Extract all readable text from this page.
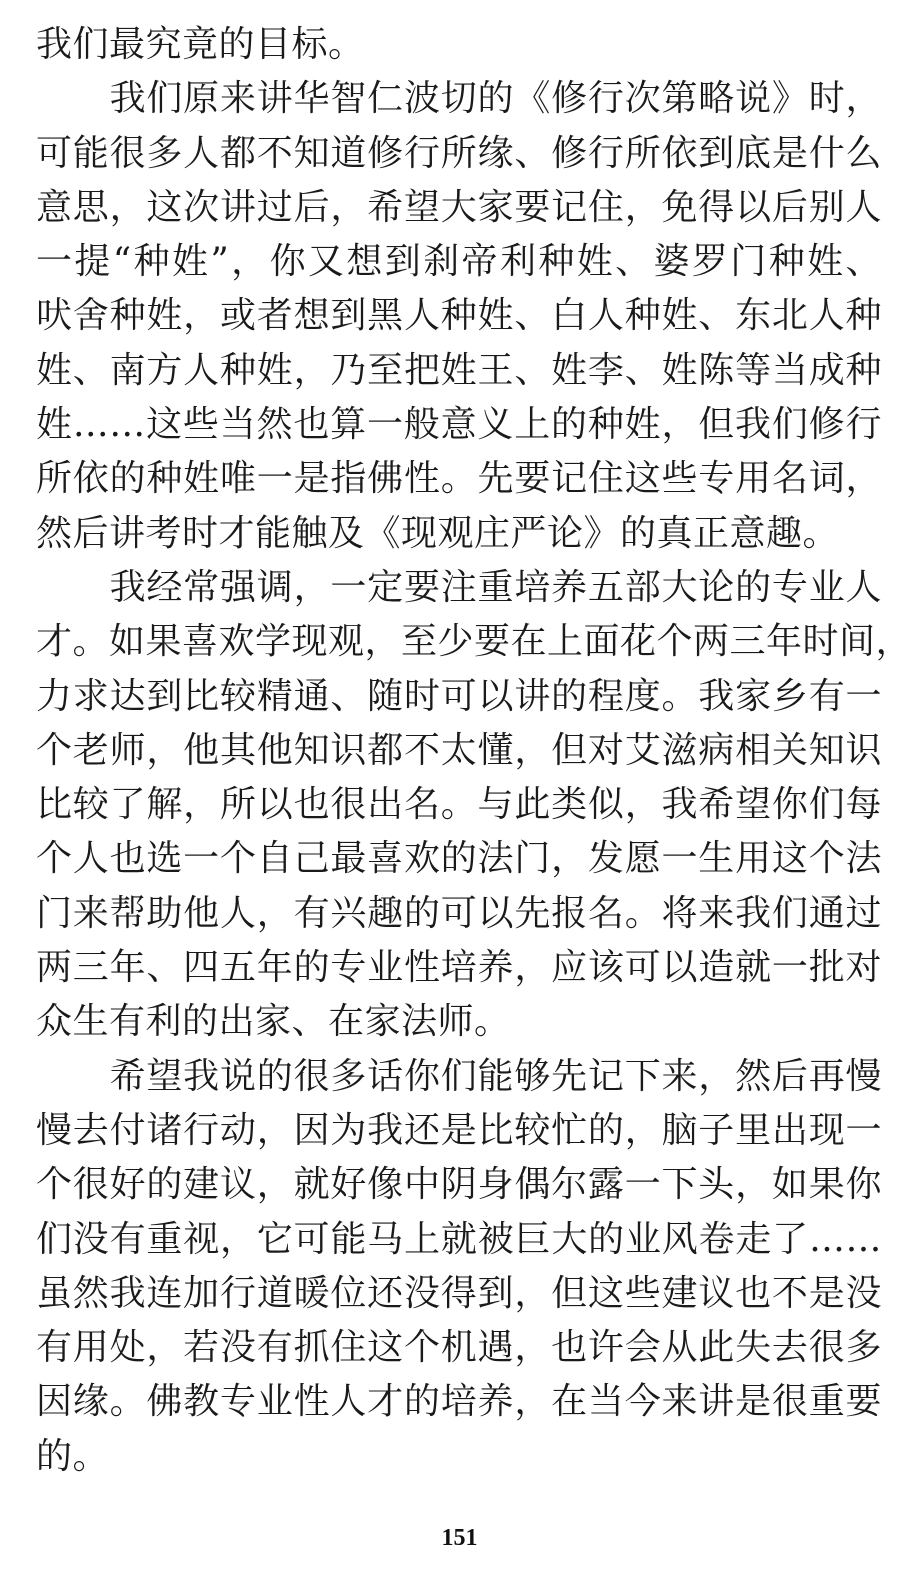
我们最究竟的目标。
　　我们原来讲华智仁波切的《修行次第略说》时，
可能很多人都不知道修行所缘、修行所依到底是什么
意思，这次讲过后，希望大家要记住，免得以后别人
一提“种姓”，你又想到刹帝利种姓、婆罗门种姓、
吠舍种姓，或者想到黑人种姓、白人种姓、东北人种
姓、南方人种姓，乃至把姓王、姓李、姓陈等当成种
姓……这些当然也算一般意义上的种姓，但我们修行
所依的种姓唯一是指佛性。先要记住这些专用名词，
然后讲考时才能触及《现观庄严论》的真正意趣。
　　我经常强调，一定要注重培养五部大论的专业人
才。如果喜欢学现观，至少要在上面花个两三年时间，
力求达到比较精通、随时可以讲的程度。我家乡有一
个老师，他其他知识都不太懂，但对艾滋病相关知识
比较了解，所以也很出名。与此类似，我希望你们每
个人也选一个自己最喜欢的法门，发愿一生用这个法
门来帮助他人，有兴趣的可以先报名。将来我们通过
两三年、四五年的专业性培养，应该可以造就一批对
众生有利的出家、在家法师。
　　希望我说的很多话你们能够先记下来，然后再慢
慢去付诸行动，因为我还是比较忙的，脑子里出现一
个很好的建议，就好像中阴身偶尔露一下头，如果你
们没有重视，它可能马上就被巨大的业风卷走了……
虽然我连加行道暖位还没得到，但这些建议也不是没
有用处，若没有抓住这个机遇，也许会从此失去很多
因缘。佛教专业性人才的培养，在当今来讲是很重要
的。
151
